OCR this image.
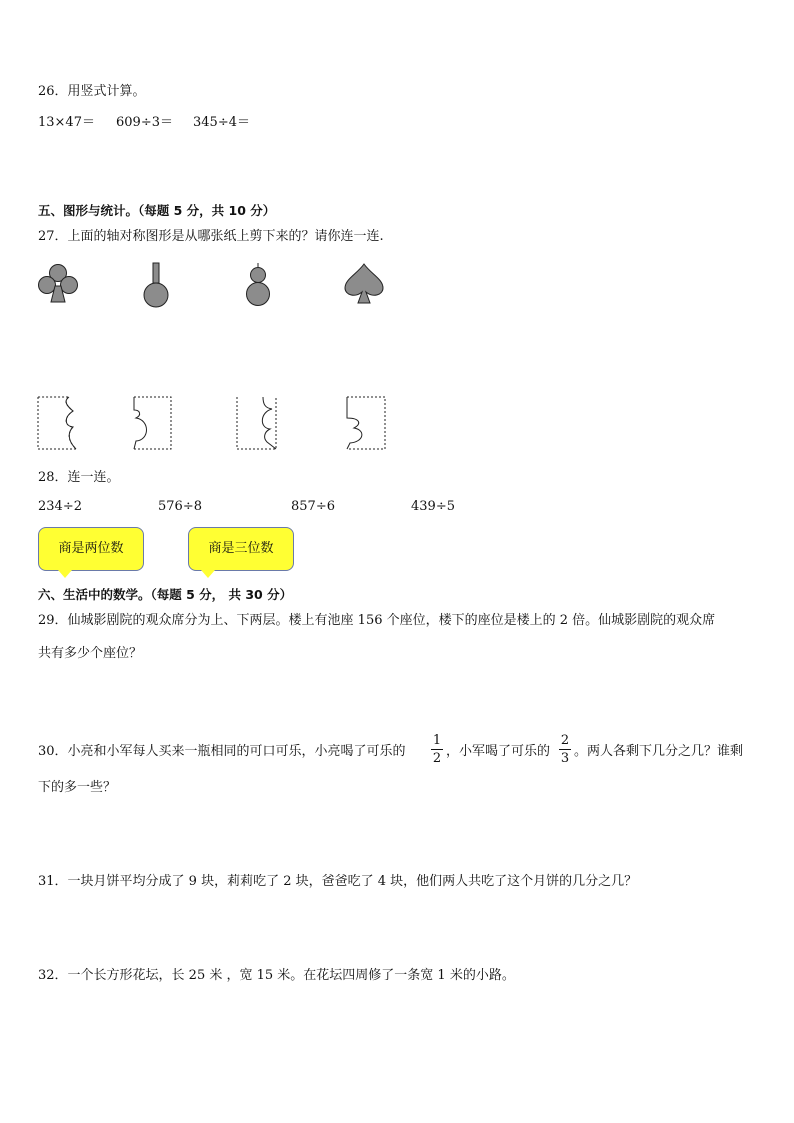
26．用竖式计算。
13×47＝ 609÷3＝ 345÷4＝
五、图形与统计。（每题 5 分，共 10 分）
27．上面的轴对称图形是从哪张纸上剪下来的？请你连一连.
28．连一连。
234÷2	576÷8	857÷6	439÷5
商是两位数	商是三位数
六、生活中的数学。（每题 5 分， 共 30 分）
29．仙城影剧院的观众席分为上、下两层。楼上有池座 156 个座位，楼下的座位是楼上的 2 倍。仙城影剧院的观众席
共有多少个座位？
30．小亮和小军每人买来一瓶相同的可口可乐，小亮喝了可乐的
1
2 ，小军喝了可乐的
2
3 。两人各剩下几分之几？谁剩
下的多一些？
31．一块月饼平均分成了 9 块，莉莉吃了 2 块，爸爸吃了 4 块，他们两人共吃了这个月饼的几分之几？
32．一个长方形花坛，长 25 米 ，宽 15 米。在花坛四周修了一条宽 1 米的小路。
